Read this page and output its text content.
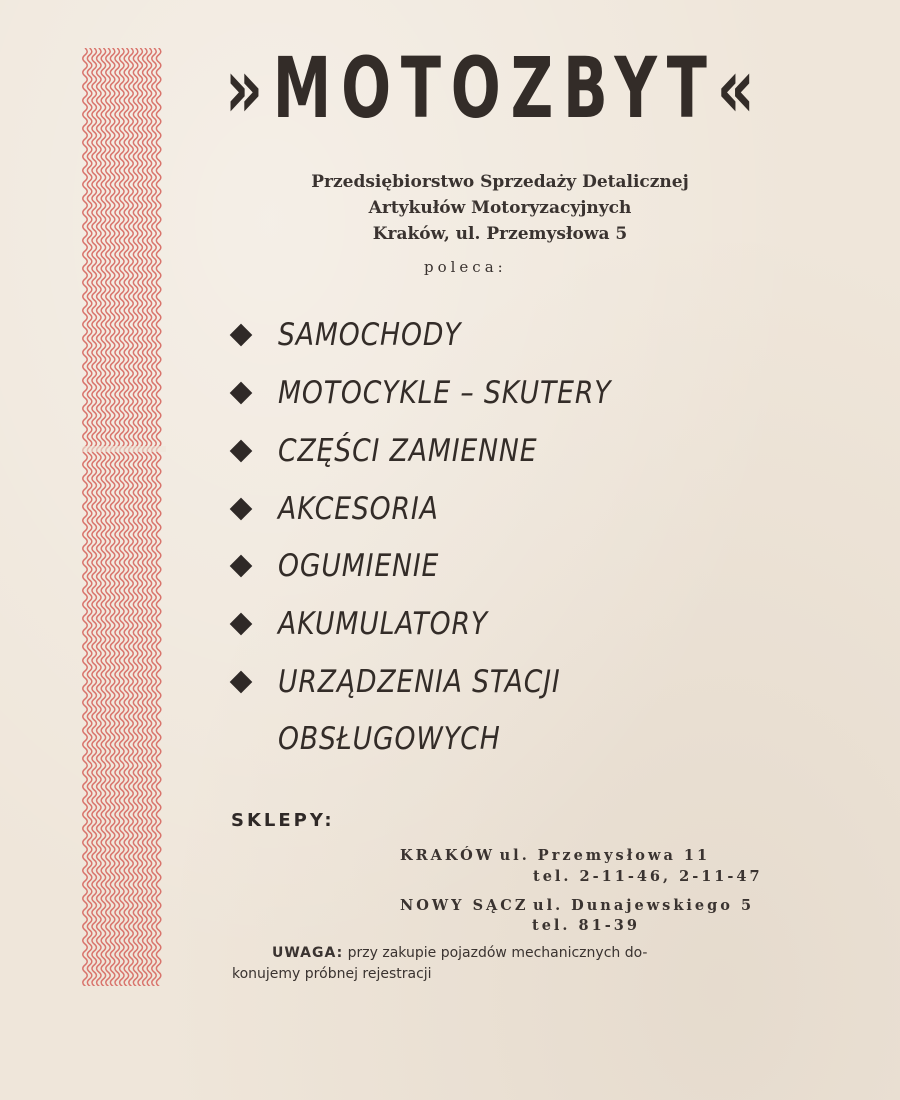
»MOTOZBYT«
Przedsiębiorstwo Sprzedaży Detalicznej
Artykułów Motoryzacyjnych
Kraków, ul. Przemysłowa 5
poleca:
SAMOCHODY
MOTOCYKLE – SKUTERY
CZĘŚCI ZAMIENNE
AKCESORIA
OGUMIENIE
AKUMULATORY
URZĄDZENIA STACJI
OBSŁUGOWYCH
SKLEPY:
KRAKÓW ul. Przemysłowa 11
tel. 2-11-46, 2-11-47
NOWY SĄCZ ul. Dunajewskiego 5
tel. 81-39
UWAGA: przy zakupie pojazdów mechanicznych do-
konujemy próbnej rejestracji
